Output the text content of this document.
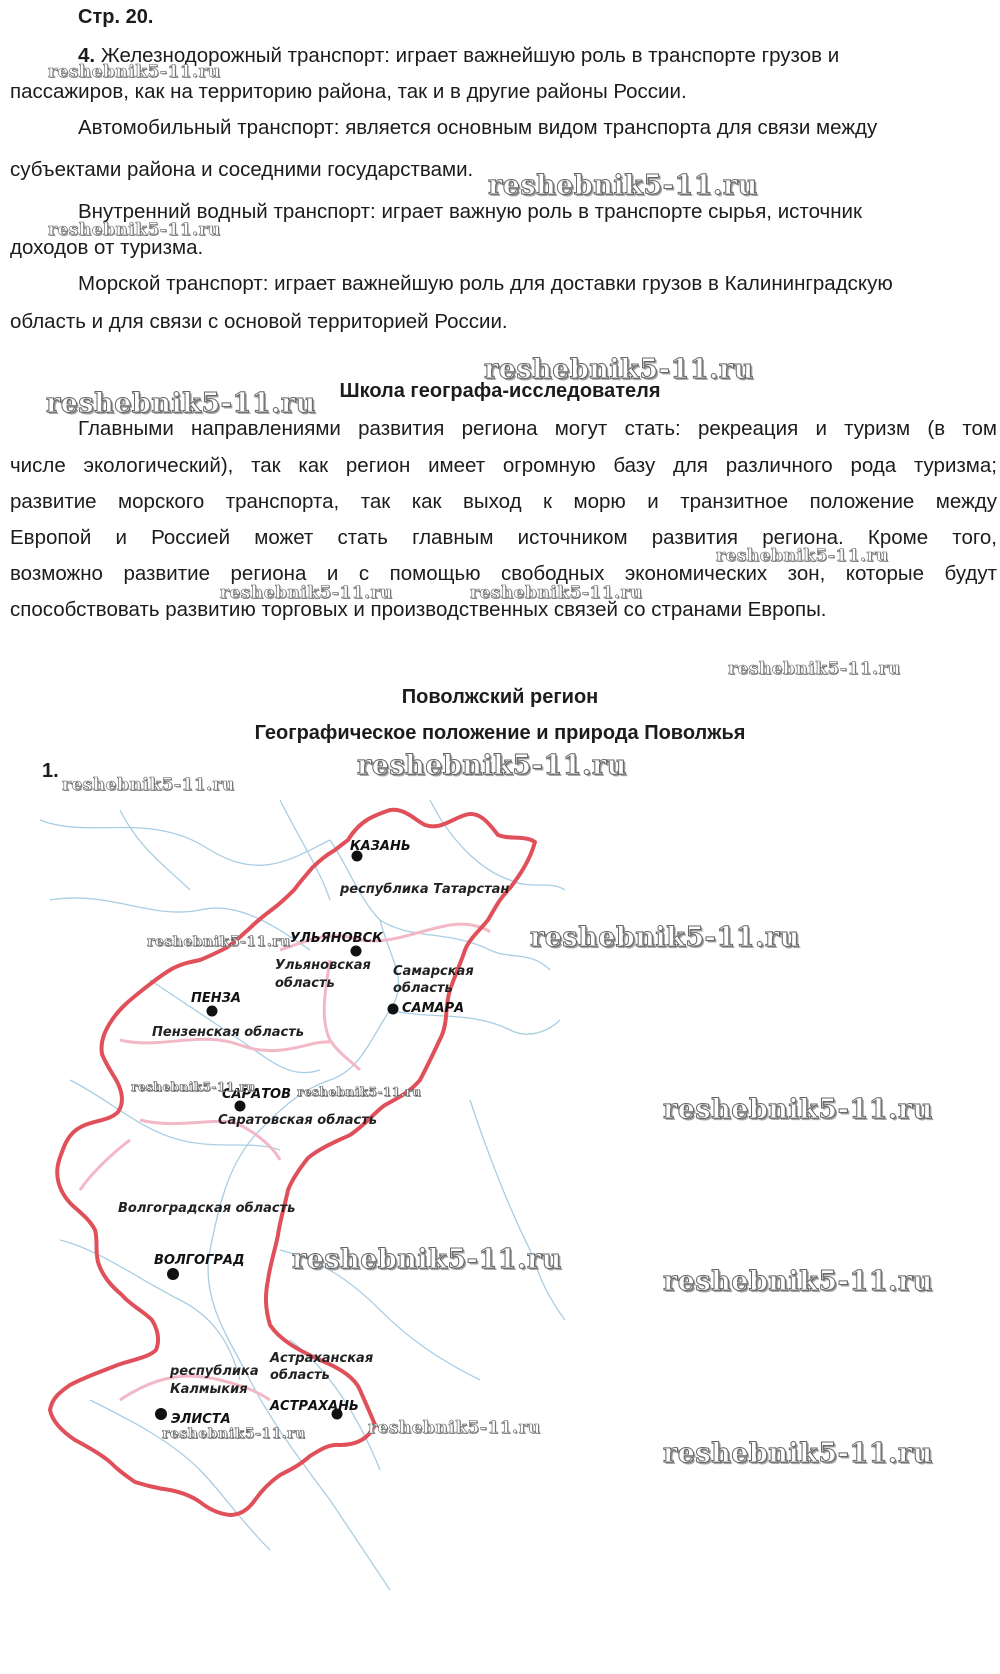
Стр. 20.
4. Железнодорожный транспорт: играет важнейшую роль в транспорте грузов и
пассажиров, как на территорию района, так и в другие районы России.
Автомобильный транспорт: является основным видом транспорта для связи между
субъектами района и соседними государствами.
Внутренний водный транспорт: играет важную роль в транспорте сырья, источник
доходов от туризма.
Морской транспорт: играет важнейшую роль для доставки грузов в Калининградскую
область и для связи с основой территорией России.
Школа географа-исследователя
Главными направлениями развития региона могут стать: рекреация и туризм (в том
числе экологический), так как регион имеет огромную базу для различного рода туризма;
развитие морского транспорта, так как выход к морю и транзитное положение между
Европой и Россией может стать главным источником развития региона. Кроме того,
возможно развитие региона и с помощью свободных экономических зон, которые будут
способствовать развитию торговых и производственных связей со странами Европы.
Поволжский регион
Географическое положение и природа Поволжья
1.
КАЗАНЬ
республика Татарстан
УЛЬЯНОВСК
Ульяновская
область
Самарская
область
САМАРА
ПЕНЗА
Пензенская область
САРАТОВ
Саратовская область
Волгоградская область
ВОЛГОГРАД
республика
Калмыкия
ЭЛИСТА
Астраханская
область
АСТРАХАНЬ
reshebnik5-11.ru
reshebnik5-11.ru
reshebnik5-11.ru
reshebnik5-11.ru
reshebnik5-11.ru
reshebnik5-11.ru
reshebnik5-11.ru	reshebnik5-11.ru
reshebnik5-11.ru
reshebnik5-11.ru
reshebnik5-11.ru
reshebnik5-11.ru
reshebnik5-11.ru
reshebnik5-11.ru	reshebnik5-11.ru
reshebnik5-11.ru
reshebnik5-11.ru
reshebnik5-11.ru
reshebnik5-11.ru
reshebnik5-11.ru
reshebnik5-11.ru
